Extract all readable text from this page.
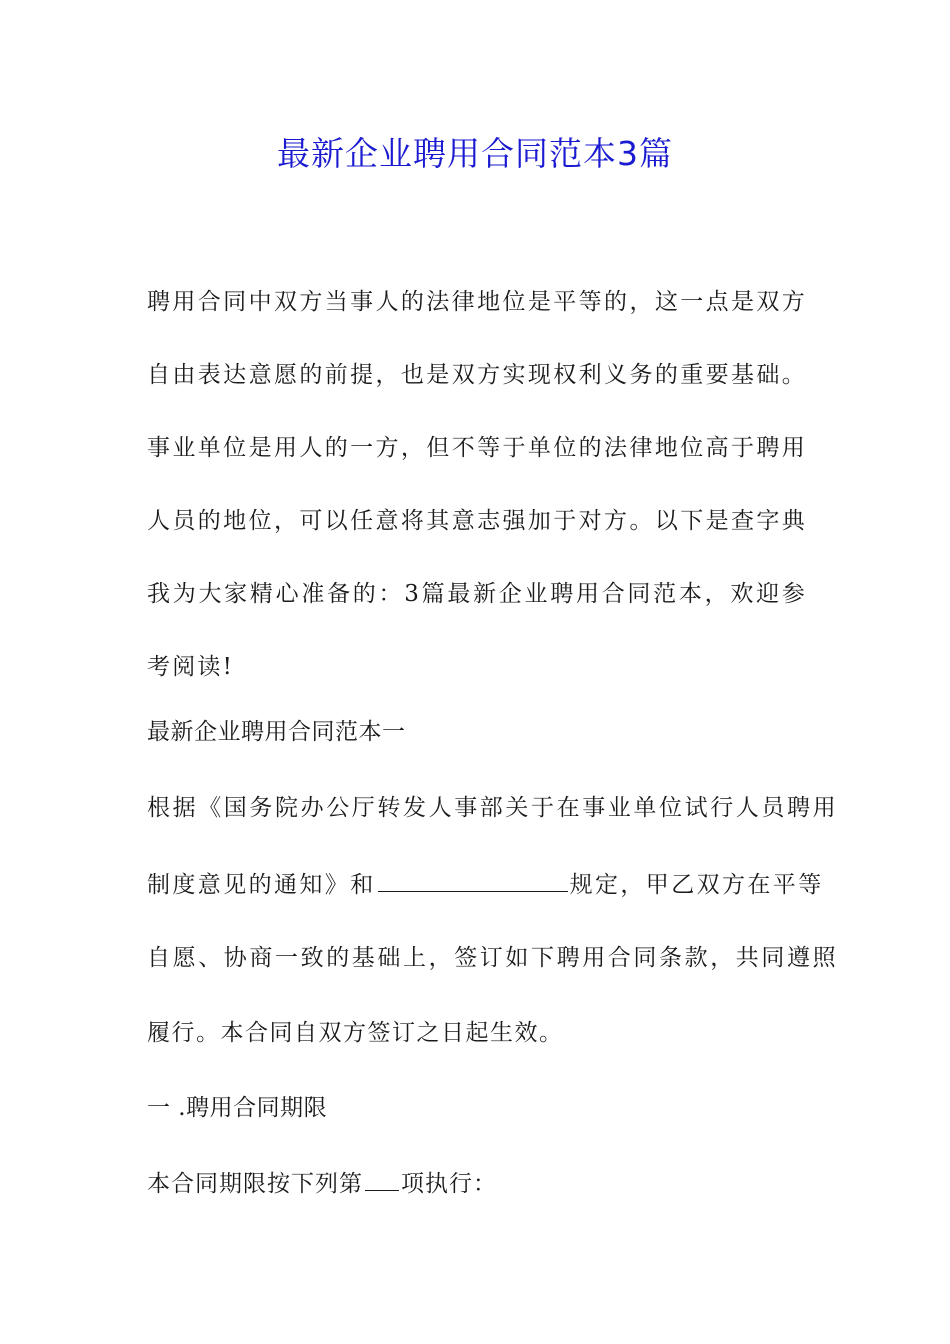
最新企业聘用合同范本3篇

聘用合同中双方当事人的法律地位是平等的，这一点是双方自由表达意愿的前提，也是双方实现权利义务的重要基础。事业单位是用人的一方，但不等于单位的法律地位高于聘用人员的地位，可以任意将其意志强加于对方。以下是查字典我为大家精心准备的：3篇最新企业聘用合同范本，欢迎参考阅读!

最新企业聘用合同范本一

根据《国务院办公厅转发人事部关于在事业单位试行人员聘用

制度意见的通知》和	规定，甲乙双方在平等

自愿、协商一致的基础上，签订如下聘用合同条款，共同遵照

履行。本合同自双方签订之日起生效。

一 .聘用合同期限

本合同期限按下列第 项执行：
